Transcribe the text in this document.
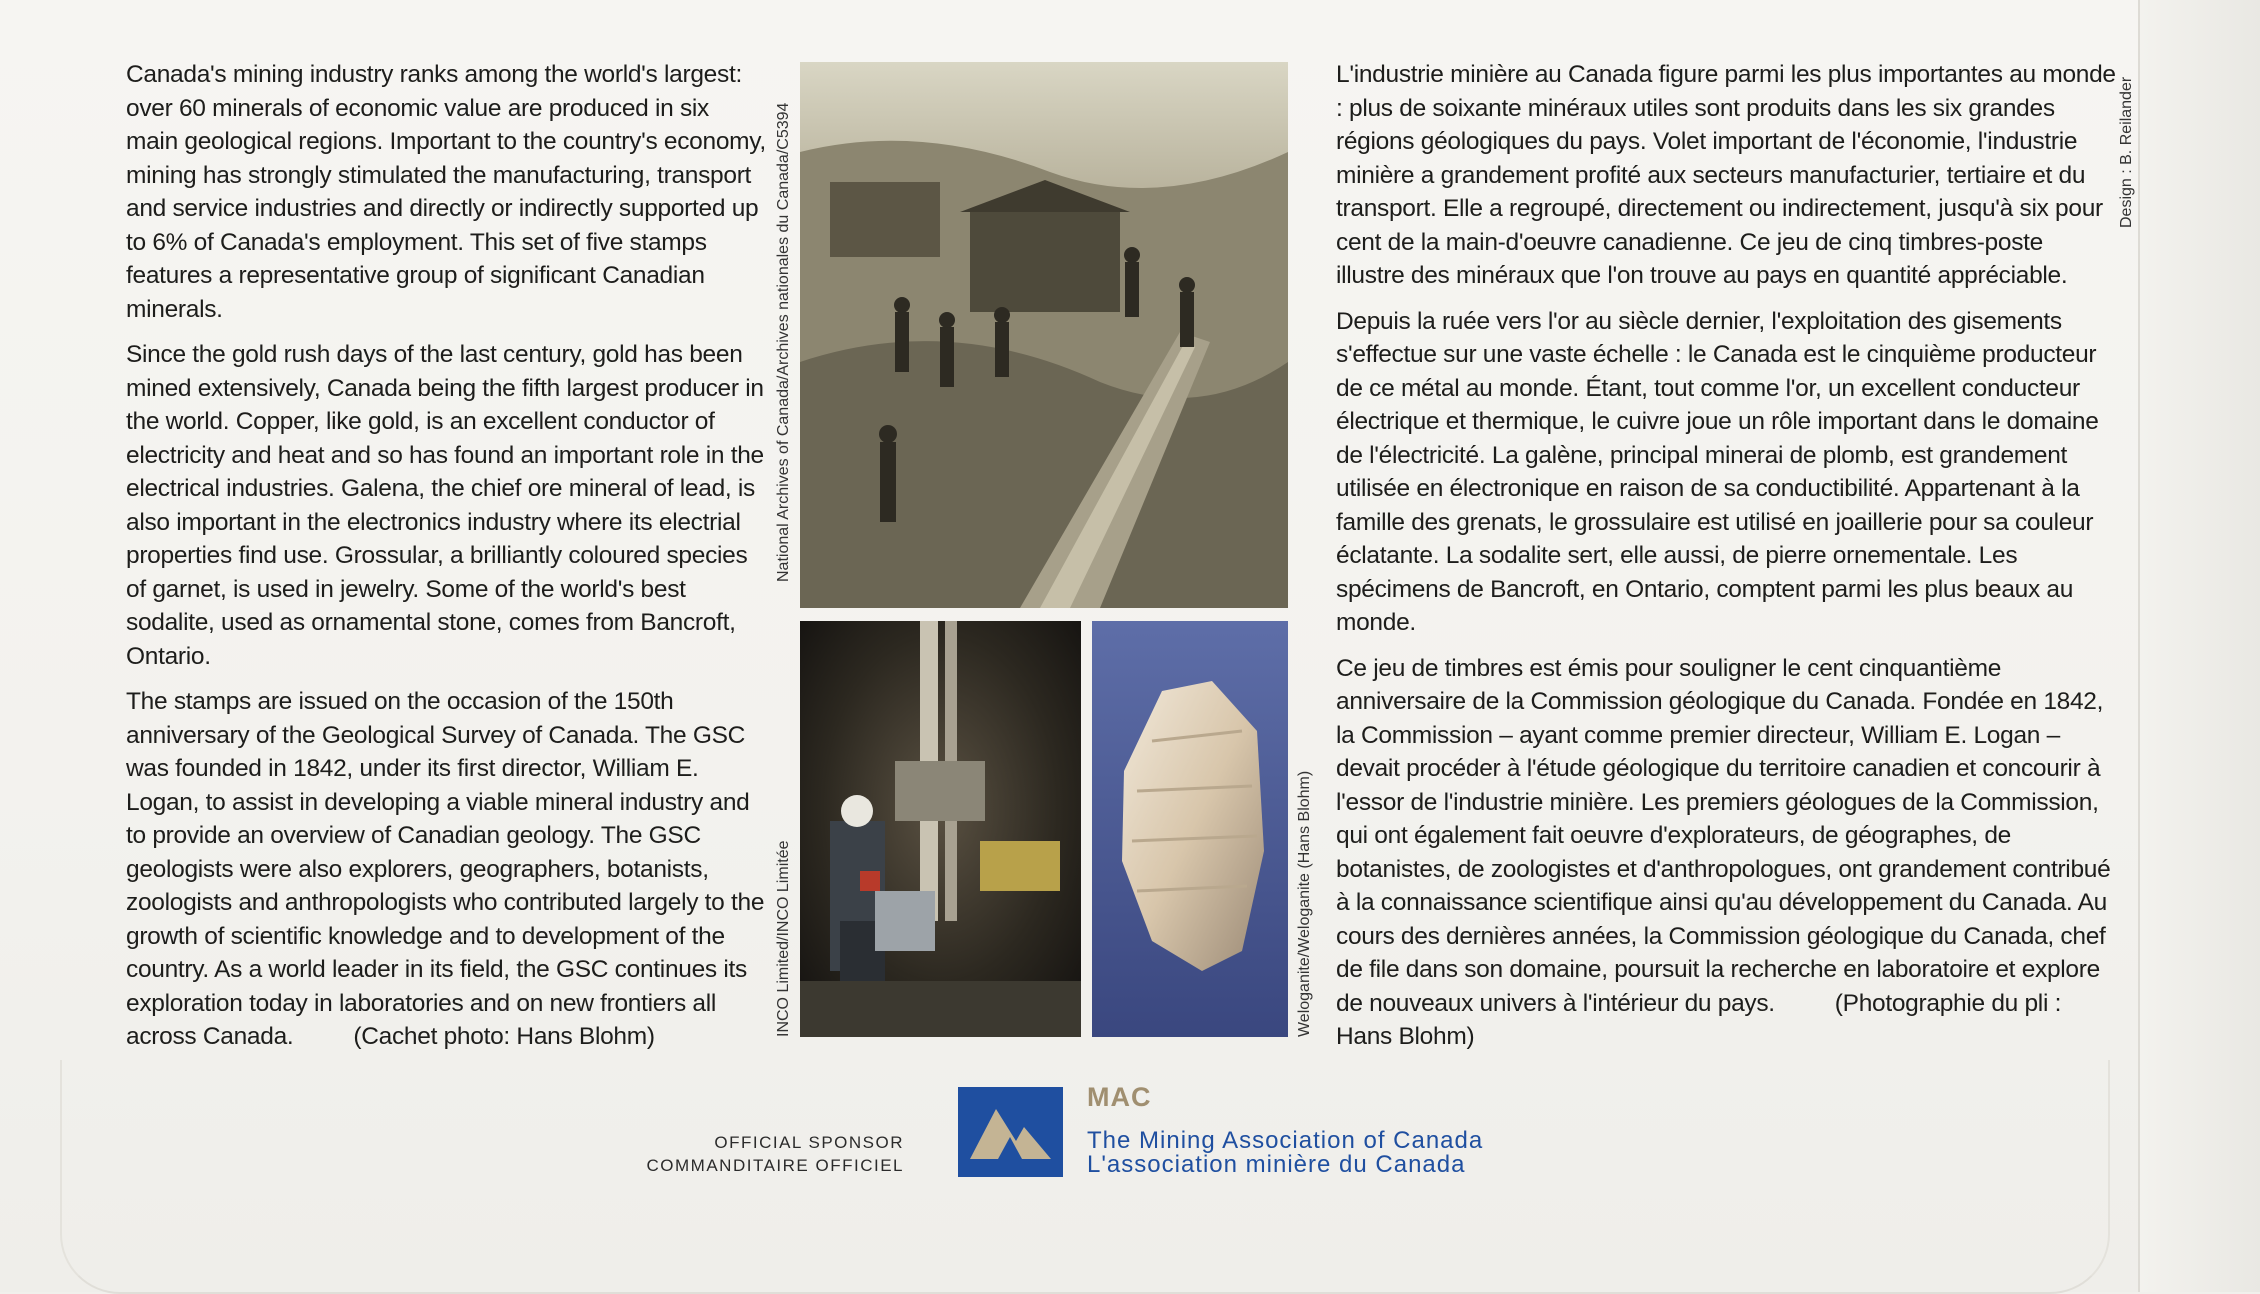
Canada's mining industry ranks among the world's largest: over 60 minerals of economic value are produced in six main geological regions. Important to the country's economy, mining has strongly stimulated the manufacturing, transport and service industries and directly or indirectly supported up to 6% of Canada's employment. This set of five stamps features a representative group of significant Canadian minerals.

Since the gold rush days of the last century, gold has been mined extensively, Canada being the fifth largest producer in the world. Copper, like gold, is an excellent conductor of electricity and heat and so has found an important role in the electrical industries. Galena, the chief ore mineral of lead, is also important in the electronics industry where its electrial properties find use. Grossular, a brilliantly coloured species of garnet, is used in jewelry. Some of the world's best sodalite, used as ornamental stone, comes from Bancroft, Ontario.

The stamps are issued on the occasion of the 150th anniversary of the Geological Survey of Canada. The GSC was founded in 1842, under its first director, William E. Logan, to assist in developing a viable mineral industry and to provide an overview of Canadian geology. The GSC geologists were also explorers, geographers, botanists, zoologists and anthropologists who contributed largely to the growth of scientific knowledge and to development of the country. As a world leader in its field, the GSC continues its exploration today in laboratories and on new frontiers all across Canada. (Cachet photo: Hans Blohm)

National Archives of Canada/Archives nationales du Canada/C5394
INCO Limited/INCO Limitée	Weloganite/Weloganite (Hans Blohm)

L'industrie minière au Canada figure parmi les plus importantes au monde : plus de soixante minéraux utiles sont produits dans les six grandes régions géologiques du pays. Volet important de l'économie, l'industrie minière a grandement profité aux secteurs manufacturier, tertiaire et du transport. Elle a regroupé, directement ou indirectement, jusqu'à six pour cent de la main-d'oeuvre canadienne. Ce jeu de cinq timbres-poste illustre des minéraux que l'on trouve au pays en quantité appréciable.

Depuis la ruée vers l'or au siècle dernier, l'exploitation des gisements s'effectue sur une vaste échelle : le Canada est le cinquième producteur de ce métal au monde. Étant, tout comme l'or, un excellent conducteur électrique et thermique, le cuivre joue un rôle important dans le domaine de l'électricité. La galène, principal minerai de plomb, est grandement utilisée en électronique en raison de sa conductibilité. Appartenant à la famille des grenats, le grossulaire est utilisé en joaillerie pour sa couleur éclatante. La sodalite sert, elle aussi, de pierre ornementale. Les spécimens de Bancroft, en Ontario, comptent parmi les plus beaux au monde.

Ce jeu de timbres est émis pour souligner le cent cinquantième anniversaire de la Commission géologique du Canada. Fondée en 1842, la Commission – ayant comme premier directeur, William E. Logan – devait procéder à l'étude géologique du territoire canadien et concourir à l'essor de l'industrie minière. Les premiers géologues de la Commission, qui ont également fait oeuvre d'explorateurs, de géographes, de botanistes, de zoologistes et d'anthropologues, ont grandement contribué à la connaissance scientifique ainsi qu'au développement du Canada. Au cours des dernières années, la Commission géologique du Canada, chef de file dans son domaine, poursuit la recherche en laboratoire et explore de nouveaux univers à l'intérieur du pays. (Photographie du pli : Hans Blohm)

Design : B. Reilander
OFFICIAL SPONSOR
COMMANDITAIRE OFFICIEL
MAC
The Mining Association of Canada
L'association minière du Canada
